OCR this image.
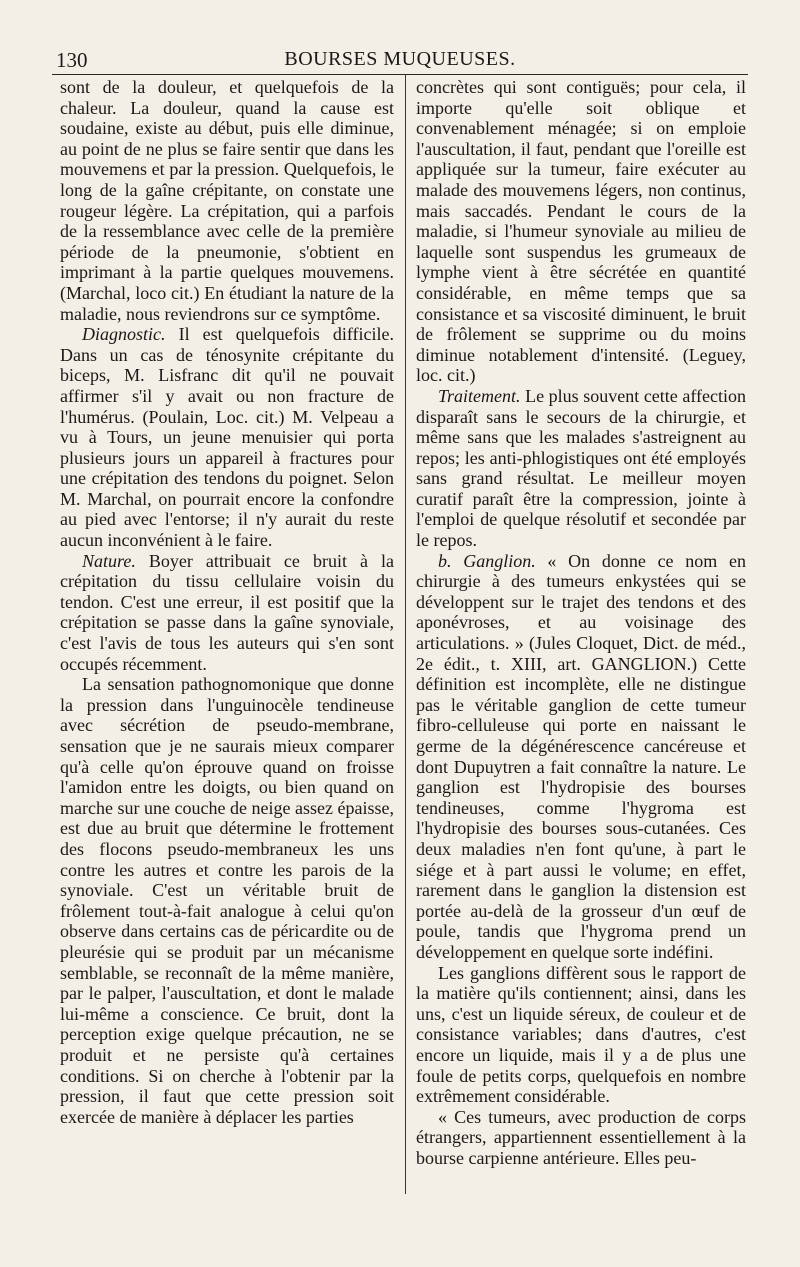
130	BOURSES MUQUEUSES.

sont de la douleur, et quelquefois de la chaleur. La douleur, quand la cause est soudaine, existe au début, puis elle diminue, au point de ne plus se faire sentir que dans les mouvemens et par la pression. Quelquefois, le long de la gaîne crépitante, on constate une rougeur légère. La crépitation, qui a parfois de la ressemblance avec celle de la première période de la pneumonie, s'obtient en imprimant à la partie quelques mouvemens. (Marchal, loco cit.) En étudiant la nature de la maladie, nous reviendrons sur ce symptôme.

Diagnostic. Il est quelquefois difficile. Dans un cas de ténosynite crépitante du biceps, M. Lisfranc dit qu'il ne pouvait affirmer s'il y avait ou non fracture de l'humérus. (Poulain, Loc. cit.) M. Velpeau a vu à Tours, un jeune menuisier qui porta plusieurs jours un appareil à fractures pour une crépitation des tendons du poignet. Selon M. Marchal, on pourrait encore la confondre au pied avec l'entorse; il n'y aurait du reste aucun inconvénient à le faire.

Nature. Boyer attribuait ce bruit à la crépitation du tissu cellulaire voisin du tendon. C'est une erreur, il est positif que la crépitation se passe dans la gaîne synoviale, c'est l'avis de tous les auteurs qui s'en sont occupés récemment.

La sensation pathognomonique que donne la pression dans l'unguinocèle tendineuse avec sécrétion de pseudo-membrane, sensation que je ne saurais mieux comparer qu'à celle qu'on éprouve quand on froisse l'amidon entre les doigts, ou bien quand on marche sur une couche de neige assez épaisse, est due au bruit que détermine le frottement des flocons pseudo-membraneux les uns contre les autres et contre les parois de la synoviale. C'est un véritable bruit de frôlement tout-à-fait analogue à celui qu'on observe dans certains cas de péricardite ou de pleurésie qui se produit par un mécanisme semblable, se reconnaît de la même manière, par le palper, l'auscultation, et dont le malade lui-même a conscience. Ce bruit, dont la perception exige quelque précaution, ne se produit et ne persiste qu'à certaines conditions. Si on cherche à l'obtenir par la pression, il faut que cette pression soit exercée de manière à déplacer les parties

concrètes qui sont contiguës; pour cela, il importe qu'elle soit oblique et convenablement ménagée; si on emploie l'auscultation, il faut, pendant que l'oreille est appliquée sur la tumeur, faire exécuter au malade des mouvemens légers, non continus, mais saccadés. Pendant le cours de la maladie, si l'humeur synoviale au milieu de laquelle sont suspendus les grumeaux de lymphe vient à être sécrétée en quantité considérable, en même temps que sa consistance et sa viscosité diminuent, le bruit de frôlement se supprime ou du moins diminue notablement d'intensité. (Leguey, loc. cit.)

Traitement. Le plus souvent cette affection disparaît sans le secours de la chirurgie, et même sans que les malades s'astreignent au repos; les anti-phlogistiques ont été employés sans grand résultat. Le meilleur moyen curatif paraît être la compression, jointe à l'emploi de quelque résolutif et secondée par le repos.

b. Ganglion. « On donne ce nom en chirurgie à des tumeurs enkystées qui se développent sur le trajet des tendons et des aponévroses, et au voisinage des articulations. » (Jules Cloquet, Dict. de méd., 2e édit., t. XIII, art. GANGLION.) Cette définition est incomplète, elle ne distingue pas le véritable ganglion de cette tumeur fibro-celluleuse qui porte en naissant le germe de la dégénérescence cancéreuse et dont Dupuytren a fait connaître la nature. Le ganglion est l'hydropisie des bourses tendineuses, comme l'hygroma est l'hydropisie des bourses sous-cutanées. Ces deux maladies n'en font qu'une, à part le siége et à part aussi le volume; en effet, rarement dans le ganglion la distension est portée au-delà de la grosseur d'un œuf de poule, tandis que l'hygroma prend un développement en quelque sorte indéfini.

Les ganglions diffèrent sous le rapport de la matière qu'ils contiennent; ainsi, dans les uns, c'est un liquide séreux, de couleur et de consistance variables; dans d'autres, c'est encore un liquide, mais il y a de plus une foule de petits corps, quelquefois en nombre extrêmement considérable.

« Ces tumeurs, avec production de corps étrangers, appartiennent essentiellement à la bourse carpienne antérieure. Elles peu-
